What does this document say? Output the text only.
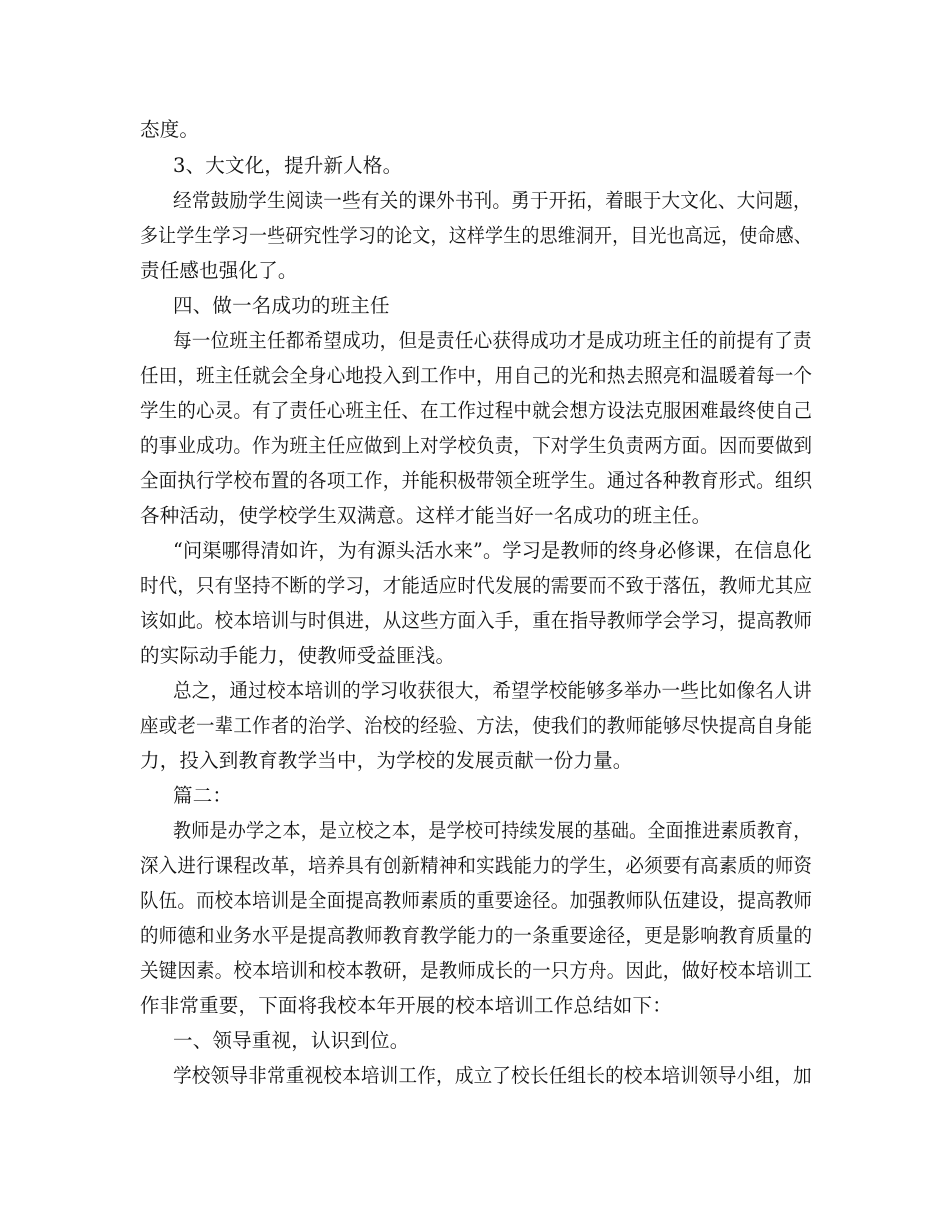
态度。
3、大文化，提升新人格。
经常鼓励学生阅读一些有关的课外书刊。勇于开拓，着眼于大文化、大问题，
多让学生学习一些研究性学习的论文，这样学生的思维洞开，目光也高远，使命感、
责任感也强化了。
四、做一名成功的班主任
每一位班主任都希望成功，但是责任心获得成功才是成功班主任的前提有了责
任田，班主任就会全身心地投入到工作中，用自己的光和热去照亮和温暖着每一个
学生的心灵。有了责任心班主任、在工作过程中就会想方设法克服困难最终使自己
的事业成功。作为班主任应做到上对学校负责，下对学生负责两方面。因而要做到
全面执行学校布置的各项工作，并能积极带领全班学生。通过各种教育形式。组织
各种活动，使学校学生双满意。这样才能当好一名成功的班主任。
“问渠哪得清如许，为有源头活水来”。学习是教师的终身必修课，在信息化
时代，只有坚持不断的学习，才能适应时代发展的需要而不致于落伍，教师尤其应
该如此。校本培训与时俱进，从这些方面入手，重在指导教师学会学习，提高教师
的实际动手能力，使教师受益匪浅。
总之，通过校本培训的学习收获很大，希望学校能够多举办一些比如像名人讲
座或老一辈工作者的治学、治校的经验、方法，使我们的教师能够尽快提高自身能
力，投入到教育教学当中，为学校的发展贡献一份力量。
篇二：
教师是办学之本，是立校之本，是学校可持续发展的基础。全面推进素质教育，
深入进行课程改革，培养具有创新精神和实践能力的学生，必须要有高素质的师资
队伍。而校本培训是全面提高教师素质的重要途径。加强教师队伍建设，提高教师
的师德和业务水平是提高教师教育教学能力的一条重要途径，更是影响教育质量的
关键因素。校本培训和校本教研，是教师成长的一只方舟。因此，做好校本培训工
作非常重要，下面将我校本年开展的校本培训工作总结如下：
一、领导重视，认识到位。
学校领导非常重视校本培训工作，成立了校长任组长的校本培训领导小组，加
